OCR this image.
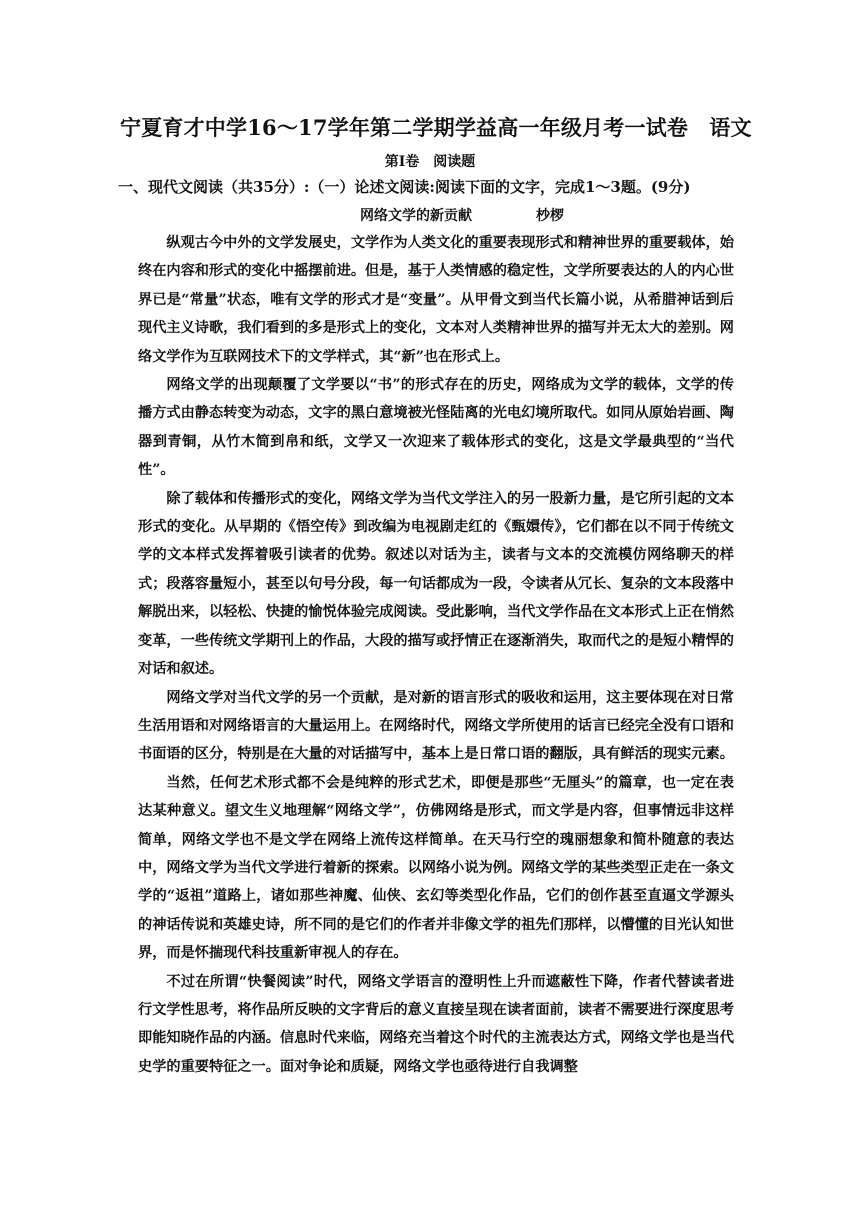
宁夏育才中学16～17学年第二学期学益高一年级月考一试卷　语文
第Ⅰ卷　阅读题
一、现代文阅读（共35分）:（一）论述文阅读:阅读下面的文字，完成1～3题。(9分)
网络文学的新贡献	杪椤

纵观古今中外的文学发展史，文学作为人类文化的重要表现形式和精神世界的重要载体，始终在内容和形式的变化中摇摆前进。但是，基于人类情感的稳定性，文学所要表达的人的内心世界已是“常量”状态，唯有文学的形式才是“变量”。从甲骨文到当代长篇小说，从希腊神话到后现代主义诗歌，我们看到的多是形式上的变化，文本对人类精神世界的描写并无太大的差别。网络文学作为互联网技术下的文学样式，其“新”也在形式上。

网络文学的出现颠覆了文学要以“书”的形式存在的历史，网络成为文学的载体，文学的传播方式由静态转变为动态，文字的黑白意境被光怪陆离的光电幻境所取代。如同从原始岩画、陶器到青铜，从竹木简到帛和纸，文学又一次迎来了载体形式的变化，这是文学最典型的“当代性”。

除了载体和传播形式的变化，网络文学为当代文学注入的另一股新力量，是它所引起的文本形式的变化。从早期的《悟空传》到改编为电视剧走红的《甄嬛传》，它们都在以不同于传统文学的文本样式发挥着吸引读者的优势。叙述以对话为主，读者与文本的交流模仿网络聊天的样式；段落容量短小，甚至以句号分段，每一句话都成为一段，令读者从冗长、复杂的文本段落中解脱出来，以轻松、快捷的愉悦体验完成阅读。受此影响，当代文学作品在文本形式上正在悄然变革，一些传统文学期刊上的作品，大段的描写或抒情正在逐渐消失，取而代之的是短小精悍的对话和叙述。

网络文学对当代文学的另一个贡献，是对新的语言形式的吸收和运用，这主要体现在对日常生活用语和对网络语言的大量运用上。在网络时代，网络文学所使用的话言已经完全没有口语和书面语的区分，特别是在大量的对话描写中，基本上是日常口语的翻版，具有鲜活的现实元素。

当然，任何艺术形式都不会是纯粹的形式艺术，即便是那些“无厘头”的篇章，也一定在表达某种意义。望文生义地理解“网络文学”，仿佛网络是形式，而文学是内容，但事情远非这样简单，网络文学也不是文学在网络上流传这样简单。在天马行空的瑰丽想象和简朴随意的表达中，网络文学为当代文学进行着新的探索。以网络小说为例。网络文学的某些类型正走在一条文学的“返祖”道路上，诸如那些神魔、仙侠、玄幻等类型化作品，它们的创作甚至直逼文学源头的神话传说和英雄史诗，所不同的是它们的作者并非像文学的祖先们那样，以懵懂的目光认知世界，而是怀揣现代科技重新审视人的存在。

不过在所谓“快餐阅读”时代，网络文学语言的澄明性上升而遮蔽性下降，作者代替读者进行文学性思考，将作品所反映的文字背后的意义直接呈现在读者面前，读者不需要进行深度思考即能知晓作品的内涵。信息时代来临，网络充当着这个时代的主流表达方式，网络文学也是当代史学的重要特征之一。面对争论和质疑，网络文学也亟待进行自我调整
